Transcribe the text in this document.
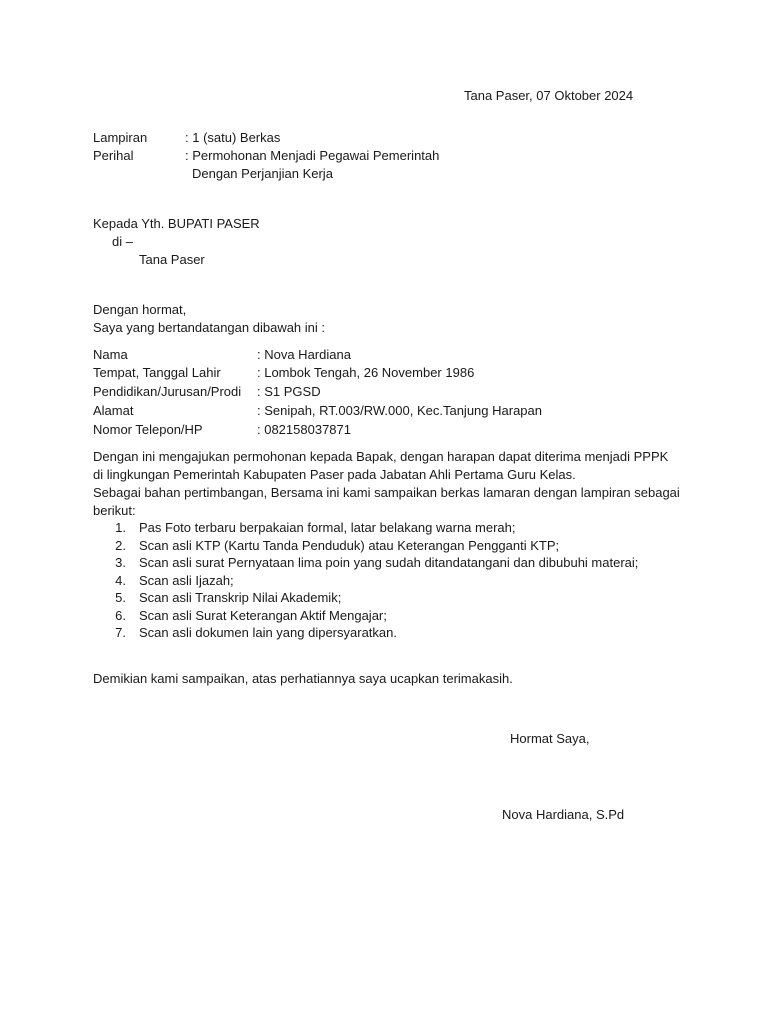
Tana Paser, 07 Oktober 2024
Lampiran	: 1 (satu) Berkas
Perihal	: Permohonan Menjadi Pegawai Pemerintah
Dengan Perjanjian Kerja
Kepada Yth. BUPATI PASER
di –
Tana Paser
Dengan hormat,
Saya yang bertandatangan dibawah ini :
Nama	: Nova Hardiana
Tempat, Tanggal Lahir	: Lombok Tengah, 26 November 1986
Pendidikan/Jurusan/Prodi : S1 PGSD
Alamat	: Senipah, RT.003/RW.000, Kec.Tanjung Harapan
Nomor Telepon/HP	: 082158037871
Dengan ini mengajukan permohonan kepada Bapak, dengan harapan dapat diterima menjadi PPPK
di lingkungan Pemerintah Kabupaten Paser pada Jabatan Ahli Pertama Guru Kelas.
Sebagai bahan pertimbangan, Bersama ini kami sampaikan berkas lamaran dengan lampiran sebagai
berikut:
1. Pas Foto terbaru berpakaian formal, latar belakang warna merah;
2. Scan asli KTP (Kartu Tanda Penduduk) atau Keterangan Pengganti KTP;
3. Scan asli surat Pernyataan lima poin yang sudah ditandatangani dan dibubuhi materai;
4. Scan asli Ijazah;
5. Scan asli Transkrip Nilai Akademik;
6. Scan asli Surat Keterangan Aktif Mengajar;
7. Scan asli dokumen lain yang dipersyaratkan.
Demikian kami sampaikan, atas perhatiannya saya ucapkan terimakasih.
Hormat Saya,
Nova Hardiana, S.Pd
